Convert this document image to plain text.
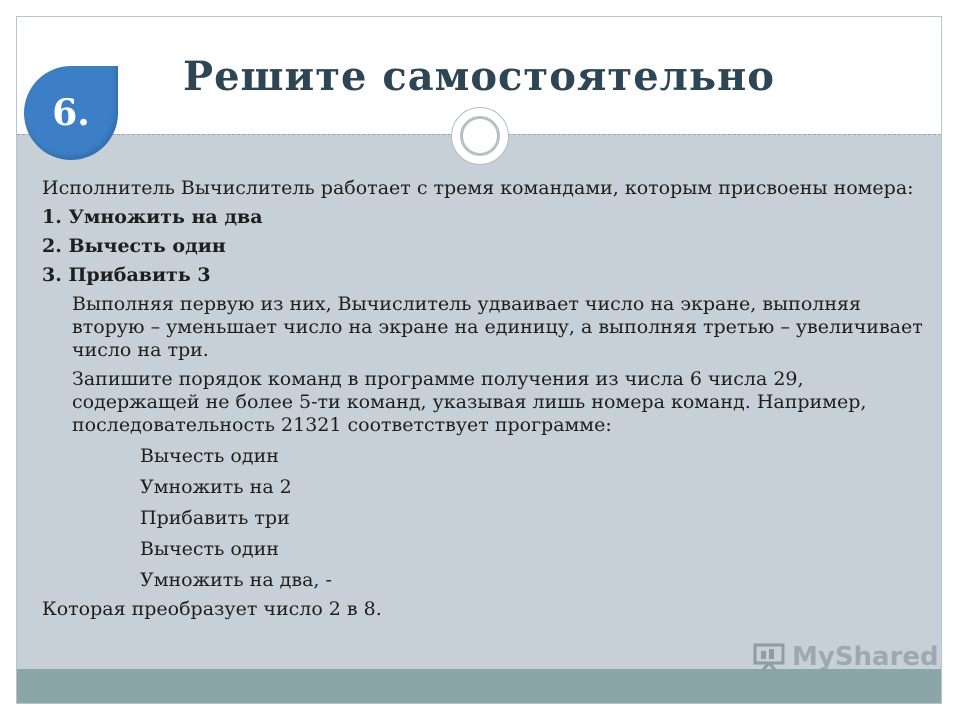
Решите самостоятельно

Исполнитель Вычислитель работает с тремя командами, которым присвоены номера:

1. Умножить на два

2. Вычесть один

3. Прибавить 3

Выполняя первую из них, Вычислитель удваивает число на экране, выполняя вторую – уменьшает число на экране на единицу, а выполняя третью – увеличивает число на три.

Запишите порядок команд в программе получения из числа 6 числа 29, содержащей не более 5-ти команд, указывая лишь номера команд. Например, последовательность 21321 соответствует программе:

Вычесть один

Умножить на 2

Прибавить три

Вычесть один

Умножить на два, -

Которая преобразует число 2 в 8.

6.
MyShared
